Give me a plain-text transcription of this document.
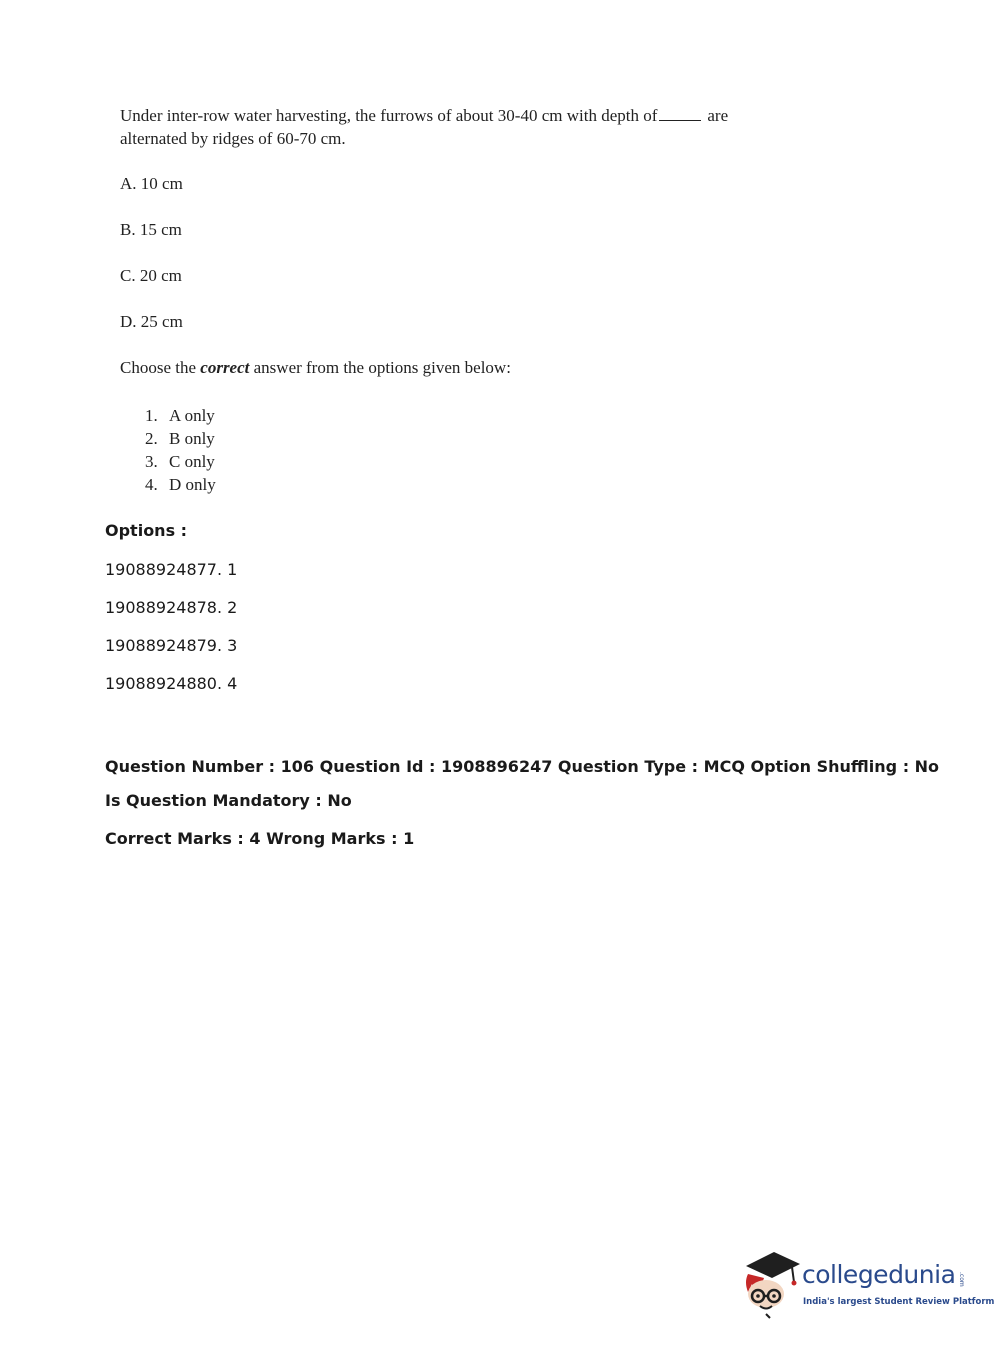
Under inter-row water harvesting, the furrows of about 30-40 cm with depth of	are
alternated by ridges of 60-70 cm.
A. 10 cm
B. 15 cm
C. 20 cm
D. 25 cm
Choose the correct answer from the options given below:
1. A only
2. B only
3. C only
4. D only
Options :
19088924877. 1
19088924878. 2
19088924879. 3
19088924880. 4
Question Number : 106 Question Id : 1908896247 Question Type : MCQ Option Shuffling : No
Is Question Mandatory : No
Correct Marks : 4 Wrong Marks : 1
collegedunia .com
India's largest Student Review Platform
